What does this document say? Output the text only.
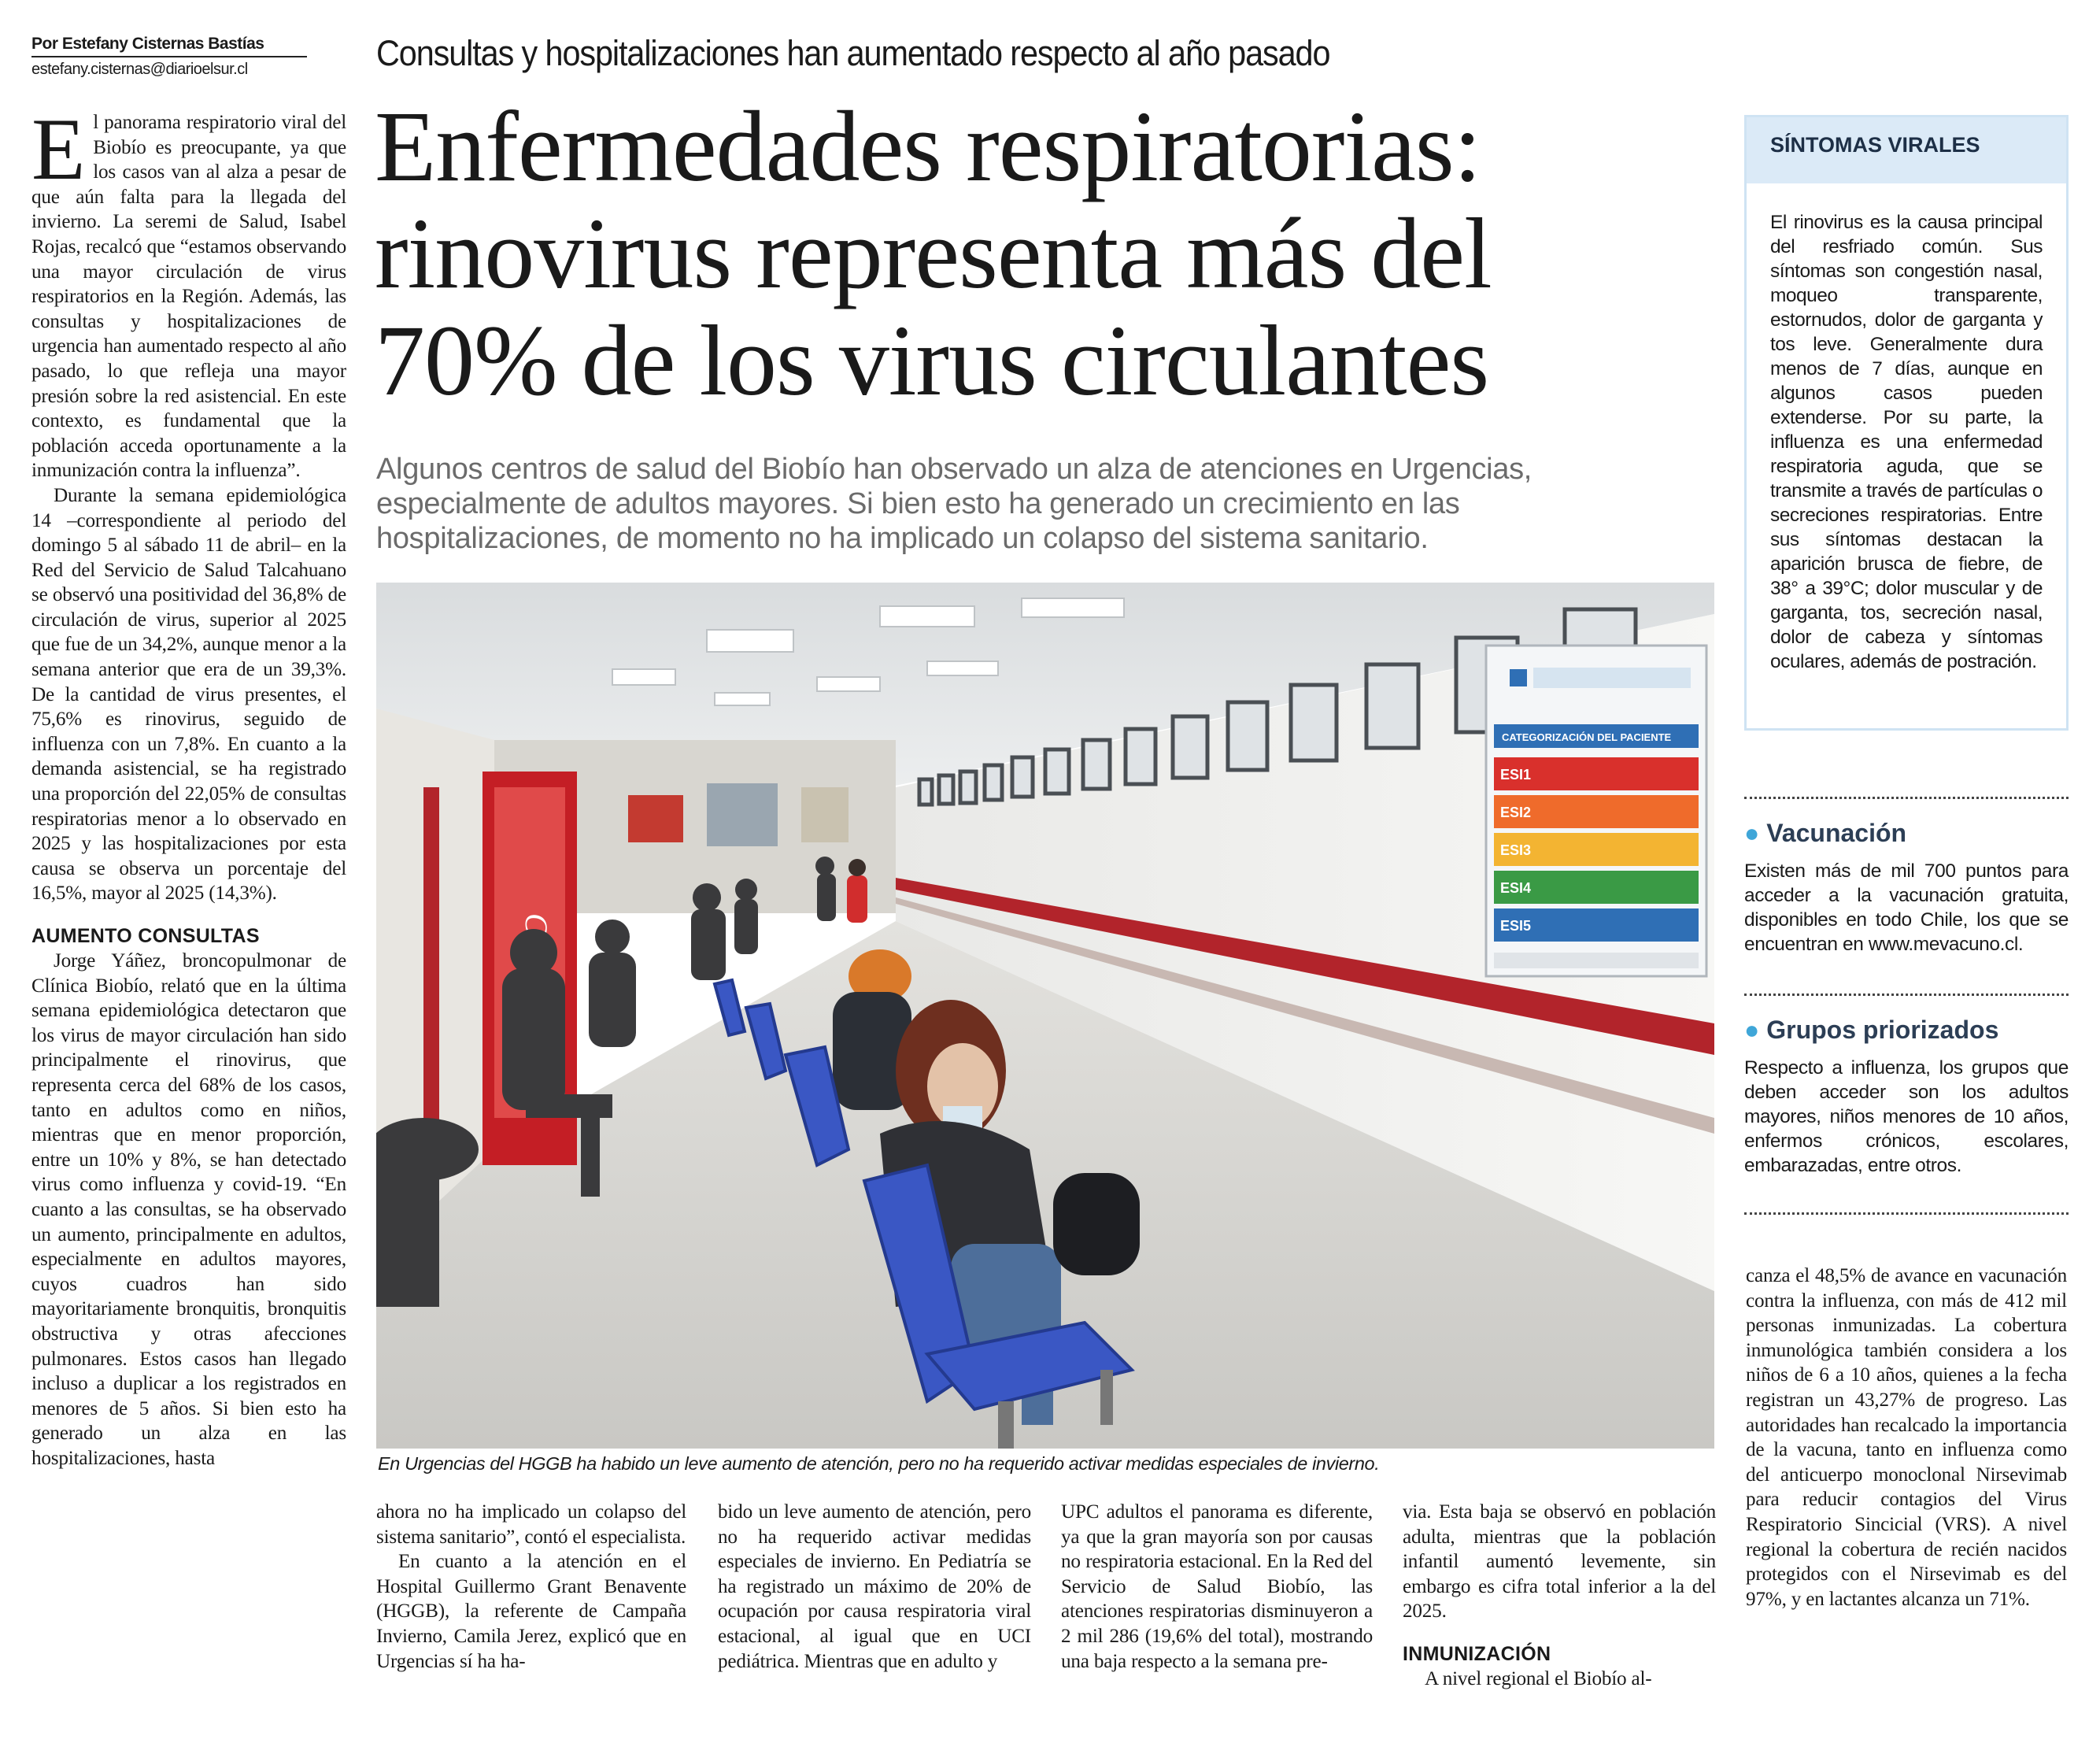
Por Estefany Cisternas Bastías
estefany.cisternas@diarioelsur.cl	Consultas y hospitalizaciones han aumentado respecto al año pasado
Enfermedades respiratorias:
rinovirus representa más del
70% de los virus circulantes
Algunos centros de salud del Biobío han observado un alza de atenciones en Urgencias,
especialmente de adultos mayores. Si bien esto ha generado un crecimiento en las
hospitalizaciones, de momento no ha implicado un colapso del sistema sanitario.
CATEGORIZACIÓN DEL PACIENTE
ESI1
ESI2
ESI3
ESI4
ESI5
En Urgencias del HGGB ha habido un leve aumento de atención, pero no ha requerido activar medidas especiales de invierno.

El panorama respiratorio viral del Biobío es preocupante, ya que los casos van al alza a pesar de que aún falta para la llegada del invierno. La seremi de Salud, Isabel Rojas, recalcó que “estamos observando una mayor circulación de virus respiratorios en la Región. Además, las consultas y hospitalizaciones de urgencia han aumentado respecto al año pasado, lo que refleja una mayor presión sobre la red asistencial. En este contexto, es fundamental que la población acceda oportunamente a la inmunización contra la influenza”.

Durante la semana epidemiológica 14 –correspondiente al periodo del domingo 5 al sábado 11 de abril– en la Red del Servicio de Salud Talcahuano se observó una positividad del 36,8% de circulación de virus, superior al 2025 que fue de un 34,2%, aunque menor a la semana anterior que era de un 39,3%. De la cantidad de virus presentes, el 75,6% es rinovirus, seguido de influenza con un 7,8%. En cuanto a la demanda asistencial, se ha registrado una proporción del 22,05% de consultas respiratorias menor a lo observado en 2025 y las hospitalizaciones por esta causa se observa un porcentaje del 16,5%, mayor al 2025 (14,3%).

AUMENTO CONSULTAS

Jorge Yáñez, broncopulmonar de Clínica Biobío, relató que en la última semana epidemiológica detectaron que los virus de mayor circulación han sido principalmente el rinovirus, que representa cerca del 68% de los casos, tanto en adultos como en niños, mientras que en menor proporción, entre un 10% y 8%, se han detectado virus como influenza y covid-19. “En cuanto a las consultas, se ha observado un aumento, principalmente en adultos, especialmente en adultos mayores, cuyos cuadros han sido mayoritariamente bronquitis, bronquitis obstructiva y otras afecciones pulmonares. Estos casos han llegado incluso a duplicar a los registrados en menores de 5 años. Si bien esto ha generado un alza en las hospitalizaciones, hasta

ahora no ha implicado un colapso del sistema sanitario”, contó el especialista.

En cuanto a la atención en el Hospital Guillermo Grant Benavente (HGGB), la referente de Campaña Invierno, Camila Jerez, explicó que en Urgencias sí ha ha-

bido un leve aumento de atención, pero no ha requerido activar medidas especiales de invierno. En Pediatría se ha registrado un máximo de 20% de ocupación por causa respiratoria viral estacional, al igual que en UCI pediátrica. Mientras que en adulto y

UPC adultos el panorama es diferente, ya que la gran mayoría son por causas no respiratoria estacional. En la Red del Servicio de Salud Biobío, las atenciones respiratorias disminuyeron a 2 mil 286 (19,6% del total), mostrando una baja respecto a la semana pre-

via. Esta baja se observó en población adulta, mientras que la población infantil aumentó levemente, sin embargo es cifra total inferior a la del 2025.

INMUNIZACIÓN

A nivel regional el Biobío al-

canza el 48,5% de avance en vacunación contra la influenza, con más de 412 mil personas inmunizadas. La cobertura inmunológica también considera a los niños de 6 a 10 años, quienes a la fecha registran un 43,27% de progreso. Las autoridades han recalcado la importancia de la vacuna, tanto en influenza como del anticuerpo monoclonal Nirsevimab para reducir contagios del Virus Respiratorio Sincicial (VRS). A nivel regional la cobertura de recién nacidos protegidos con el Nirsevimab es del 97%, y en lactantes alcanza un 71%.

SÍNTOMAS VIRALES
El rinovirus es la causa principal del resfriado común. Sus síntomas son congestión nasal, moqueo transparente, estornudos, dolor de garganta y tos leve. Generalmente dura menos de 7 días, aunque en algunos casos pueden extenderse. Por su parte, la influenza es una enfermedad respiratoria aguda, que se transmite a través de partículas o secreciones respiratorias. Entre sus síntomas destacan la aparición brusca de fiebre, de 38° a 39°C; dolor muscular y de garganta, tos, secreción nasal, dolor de cabeza y síntomas oculares, además de postración.
● Vacunación
Existen más de mil 700 puntos para acceder a la vacunación gratuita, disponibles en todo Chile, los que se encuentran en www.mevacuno.cl.
● Grupos priorizados
Respecto a influenza, los grupos que deben acceder son los adultos mayores, niños menores de 10 años, enfermos crónicos, escolares, embarazadas, entre otros.
